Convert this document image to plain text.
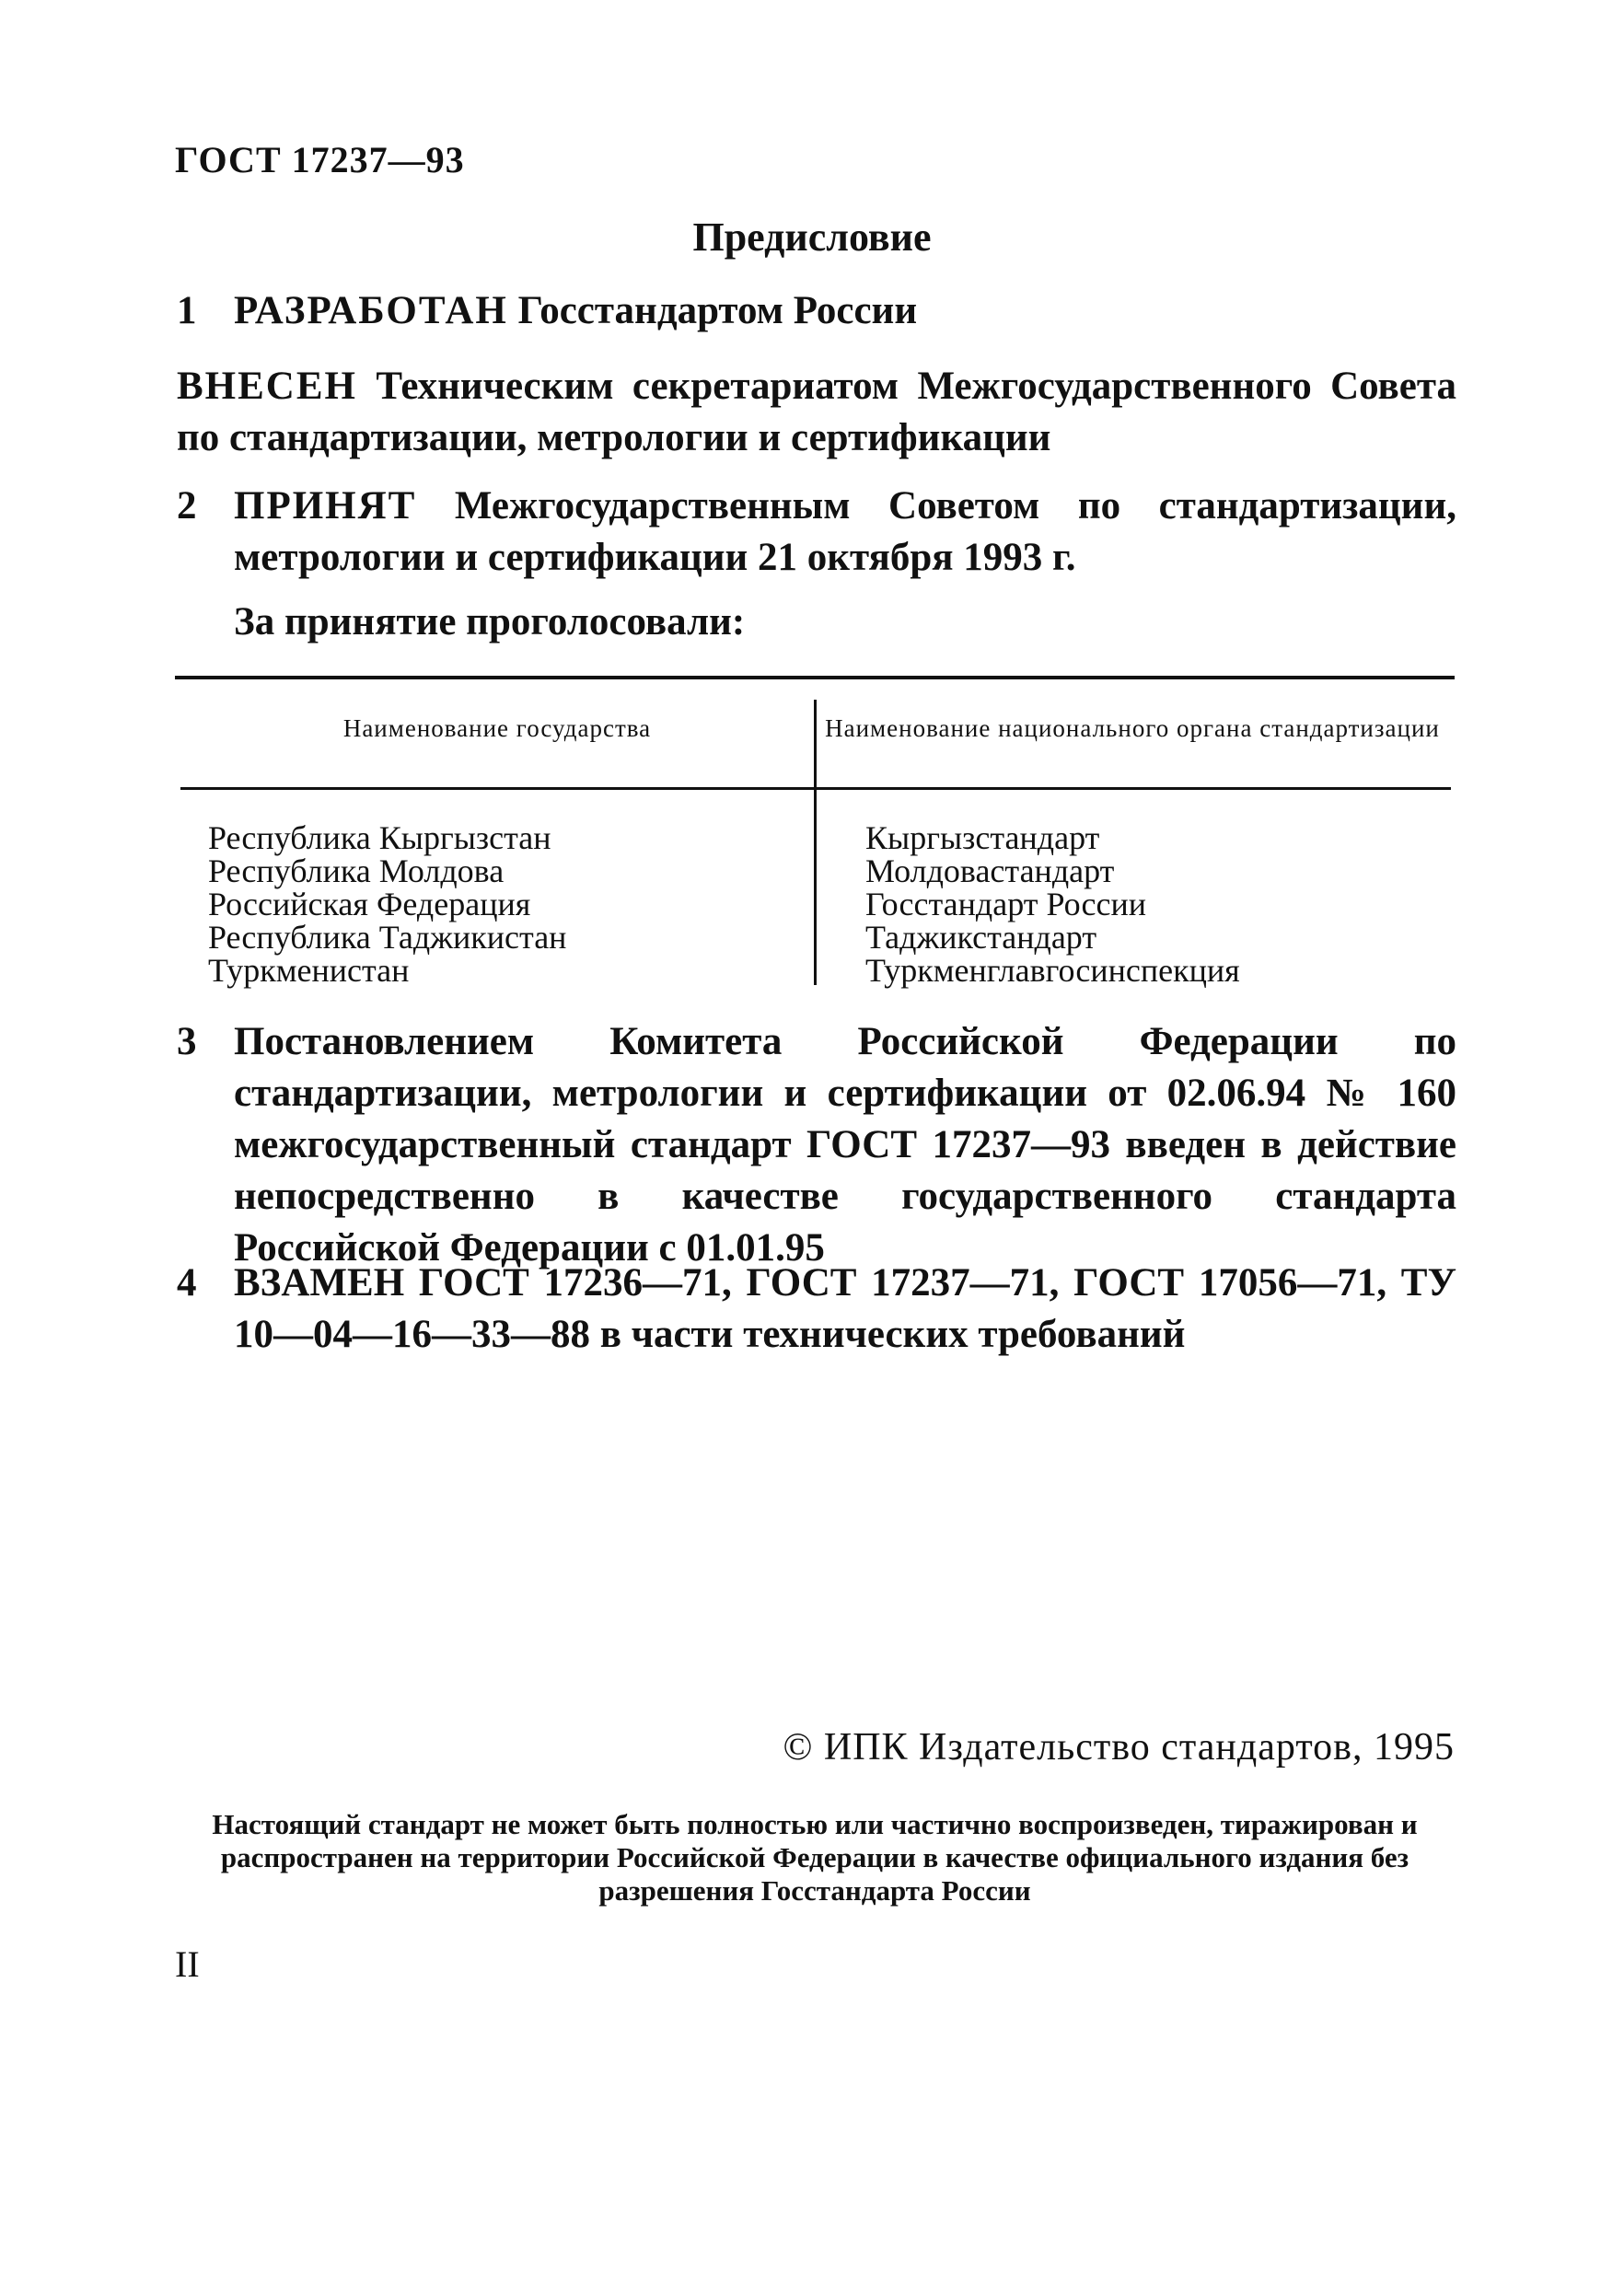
ГОСТ 17237—93
Предисловие
1 РАЗРАБОТАН Госстандартом России
ВНЕСЕН Техническим секретариатом Межгосударственного Совета по стандартизации, метрологии и сертификации
2 ПРИНЯТ Межгосударственным Советом по стандартизации, метрологии и сертификации 21 октября 1993 г.
За принятие проголосовали:
Наименование государства	Наименование национального органа стандартизации
Республика Кыргызстан
Республика Молдова
Российская Федерация
Республика Таджикистан
Туркменистан
Кыргызстандарт
Молдовастандарт
Госстандарт России
Таджикстандарт
Туркменглавгосинспекция
3 Постановлением Комитета Российской Федерации по стандартизации, метрологии и сертификации от 02.06.94 № 160 межгосударственный стандарт ГОСТ 17237—93 введен в действие непосредственно в качестве государственного стандарта Российской Федерации с 01.01.95
4 ВЗАМЕН ГОСТ 17236—71, ГОСТ 17237—71, ГОСТ 17056—71, ТУ 10—04—16—33—88 в части технических требований
© ИПК Издательство стандартов, 1995
Настоящий стандарт не может быть полностью или частично воспроизведен, тиражирован и распространен на территории Российской Федерации в качестве официального издания без разрешения Госстандарта России
II
